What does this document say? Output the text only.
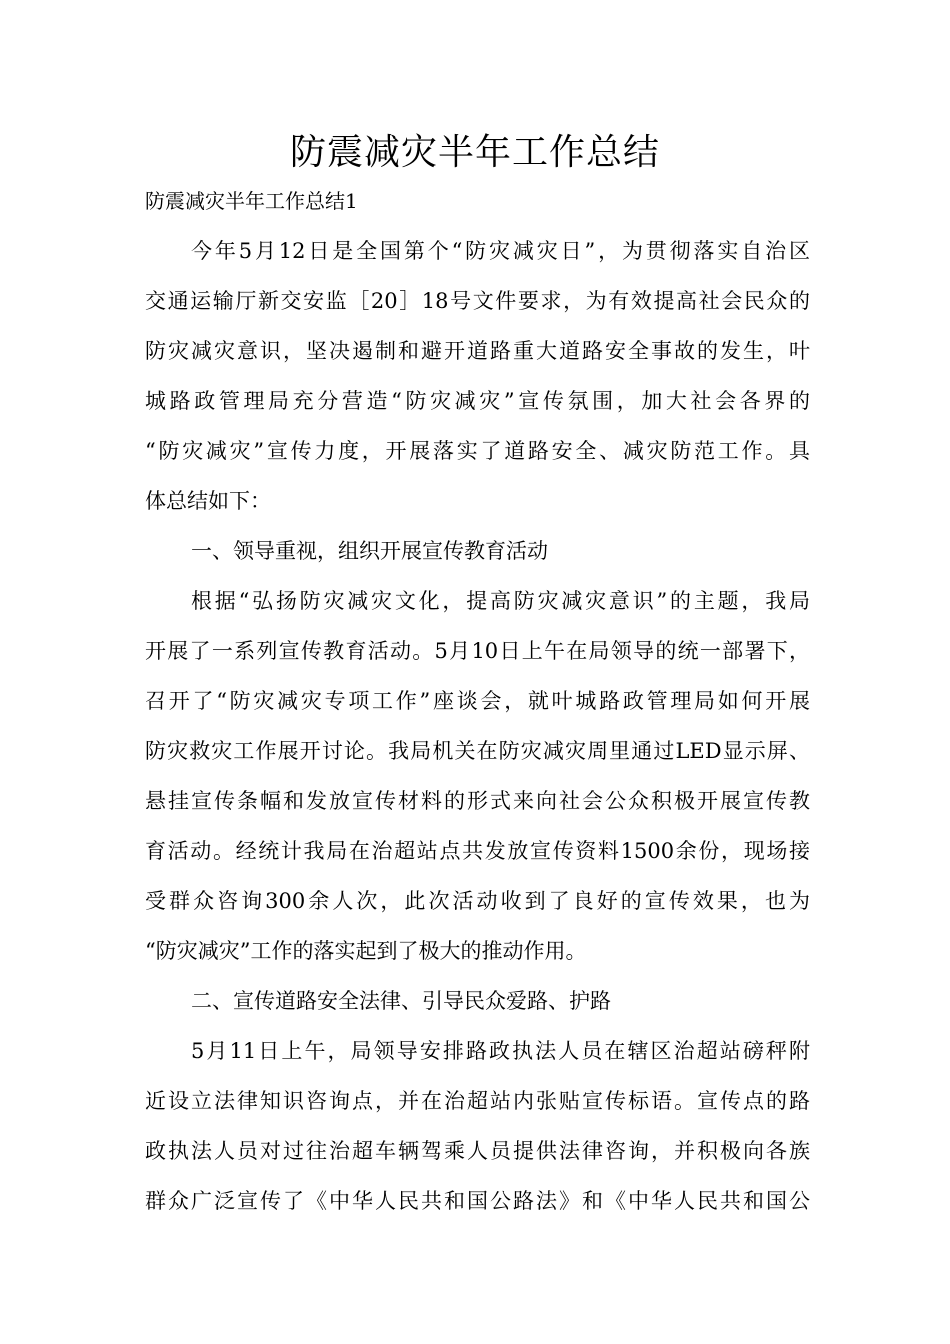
防震减灾半年工作总结

防震减灾半年工作总结1

今年5月12日是全国第个“防灾减灾日”，为贯彻落实自治区
交通运输厅新交安监［20］18号文件要求，为有效提高社会民众的
防灾减灾意识，坚决遏制和避开道路重大道路安全事故的发生，叶
城路政管理局充分营造“防灾减灾”宣传氛围，加大社会各界的
“防灾减灾”宣传力度，开展落实了道路安全、减灾防范工作。具
体总结如下：
一、领导重视，组织开展宣传教育活动
根据“弘扬防灾减灾文化，提高防灾减灾意识”的主题，我局
开展了一系列宣传教育活动。5月10日上午在局领导的统一部署下，
召开了“防灾减灾专项工作”座谈会，就叶城路政管理局如何开展
防灾救灾工作展开讨论。我局机关在防灾减灾周里通过LED显示屏、
悬挂宣传条幅和发放宣传材料的形式来向社会公众积极开展宣传教
育活动。经统计我局在治超站点共发放宣传资料1500余份，现场接
受群众咨询300余人次，此次活动收到了良好的宣传效果，也为
“防灾减灾”工作的落实起到了极大的推动作用。
二、宣传道路安全法律、引导民众爱路、护路
5月11日上午，局领导安排路政执法人员在辖区治超站磅秤附
近设立法律知识咨询点，并在治超站内张贴宣传标语。宣传点的路
政执法人员对过往治超车辆驾乘人员提供法律咨询，并积极向各族
群众广泛宣传了《中华人民共和国公路法》和《中华人民共和国公
